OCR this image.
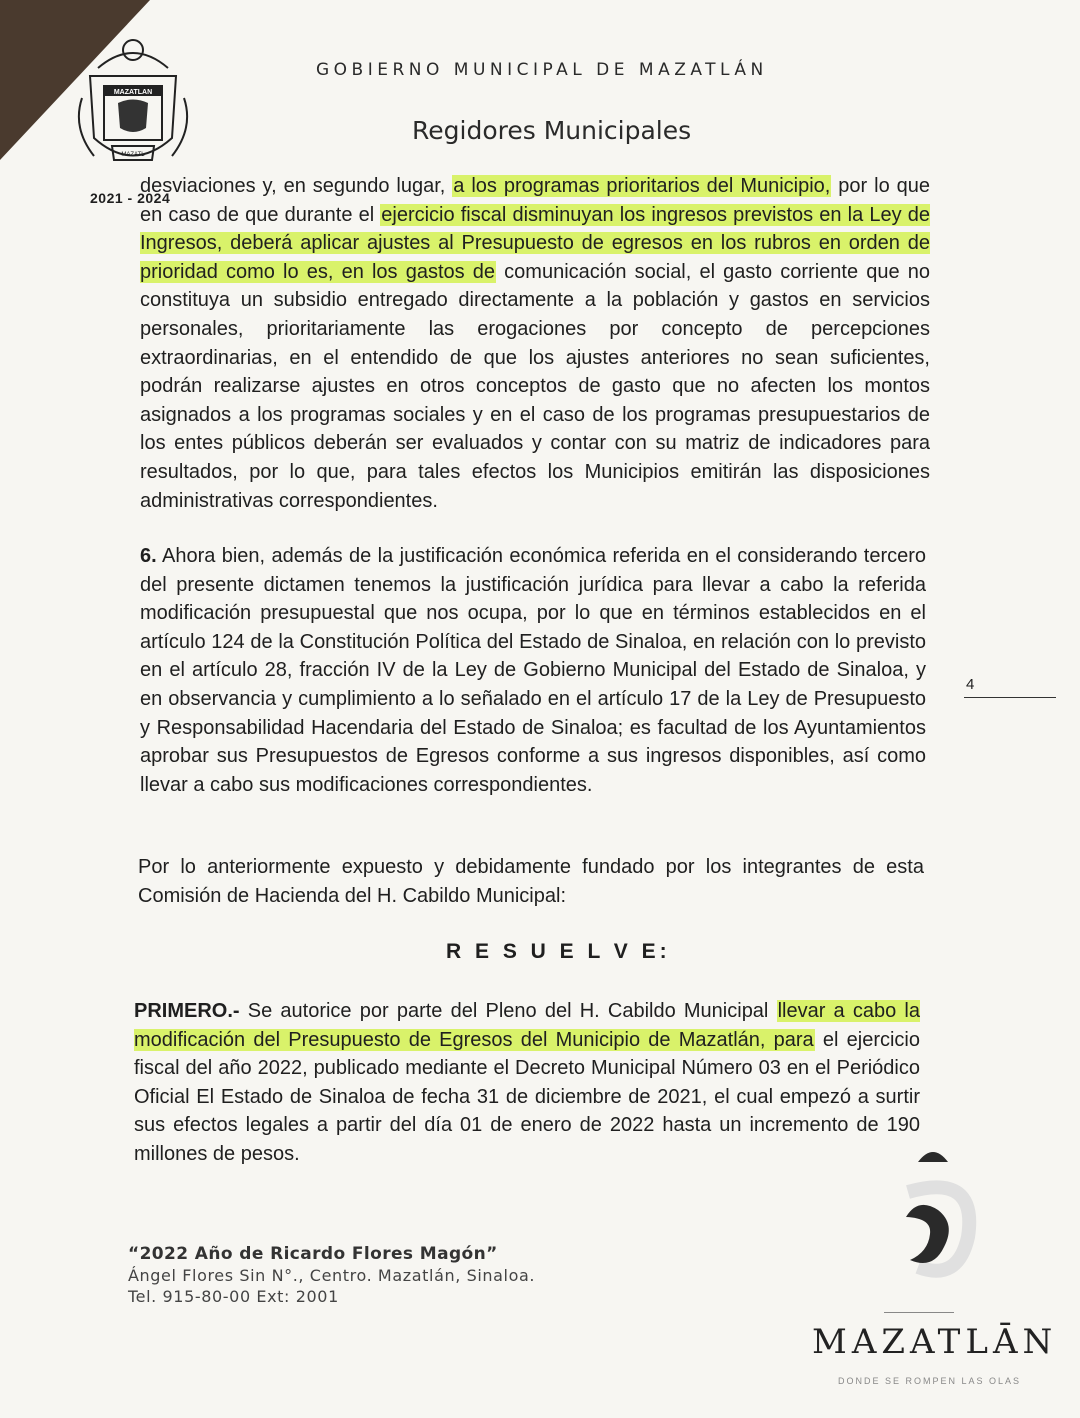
MAZATLAN
MAZATL
2021 - 2024
GOBIERNO MUNICIPAL DE MAZATLÁN
Regidores Municipales

desviaciones y, en segundo lugar, a los programas prioritarios del Municipio, por lo que en caso de que durante el ejercicio fiscal disminuyan los ingresos previstos en la Ley de Ingresos, deberá aplicar ajustes al Presupuesto de egresos en los rubros en orden de prioridad como lo es, en los gastos de comunicación social, el gasto corriente que no constituya un subsidio entregado directamente a la población y gastos en servicios personales, prioritariamente las erogaciones por concepto de percepciones extraordinarias, en el entendido de que los ajustes anteriores no sean suficientes, podrán realizarse ajustes en otros conceptos de gasto que no afecten los montos asignados a los programas sociales y en el caso de los programas presupuestarios de los entes públicos deberán ser evaluados y contar con su matriz de indicadores para resultados, por lo que, para tales efectos los Municipios emitirán las disposiciones administrativas correspondientes.

6. Ahora bien, además de la justificación económica referida en el considerando tercero del presente dictamen tenemos la justificación jurídica para llevar a cabo la referida modificación presupuestal que nos ocupa, por lo que en términos establecidos en el artículo 124 de la Constitución Política del Estado de Sinaloa, en relación con lo previsto en el artículo 28, fracción IV de la Ley de Gobierno Municipal del Estado de Sinaloa, y en observancia y cumplimiento a lo señalado en el artículo 17 de la Ley de Presupuesto y Responsabilidad Hacendaria del Estado de Sinaloa; es facultad de los Ayuntamientos aprobar sus Presupuestos de Egresos conforme a sus ingresos disponibles, así como llevar a cabo sus modificaciones correspondientes.

4

Por lo anteriormente expuesto y debidamente fundado por los integrantes de esta Comisión de Hacienda del H. Cabildo Municipal:

R E S U E L V E:

PRIMERO.- Se autorice por parte del Pleno del H. Cabildo Municipal llevar a cabo la modificación del Presupuesto de Egresos del Municipio de Mazatlán, para el ejercicio fiscal del año 2022, publicado mediante el Decreto Municipal Número 03 en el Periódico Oficial El Estado de Sinaloa de fecha 31 de diciembre de 2021, el cual empezó a surtir sus efectos legales a partir del día 01 de enero de 2022 hasta un incremento de 190 millones de pesos.

“2022 Año de Ricardo Flores Magón”
Ángel Flores Sin N°., Centro. Mazatlán, Sinaloa.
Tel. 915-80-00 Ext: 2001
MAZATLĀN
DONDE SE ROMPEN LAS OLAS
